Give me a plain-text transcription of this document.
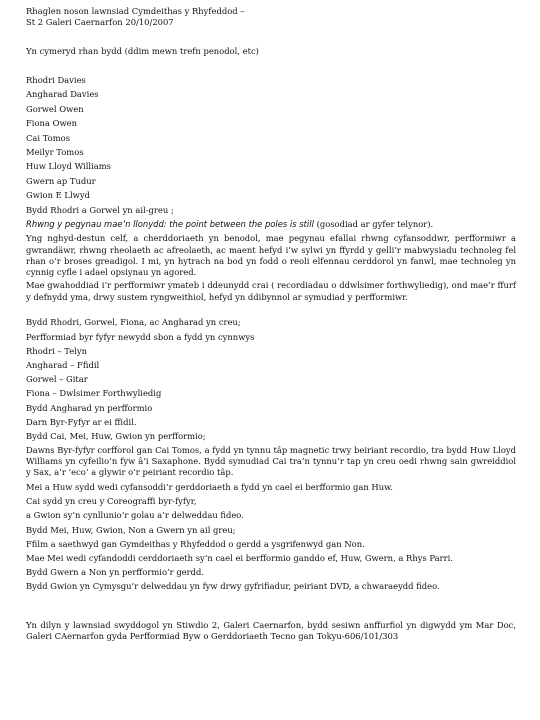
Rhaglen noson lawnsiad Cymdeithas y Rhyfeddod –
St 2 Galeri Caernarfon 20/10/2007
Yn cymeryd rhan bydd (ddim mewn trefn penodol, etc)
Rhodri Davies
Angharad Davies
Gorwel Owen
Fiona Owen
Cai Tomos
Meilyr Tomos
Huw Lloyd Williams
Gwern ap Tudur
Gwion E Llwyd
Bydd Rhodri a Gorwel yn ail-greu ;
Rhwng y pegynau mae’n llonydd: the point between the poles is still (gosodiad ar gyfer telynor).
Yng nghyd-destun celf, a cherddoriaeth yn benodol, mae pegynau efallai rhwng cyfansoddwr, perfformiwr a gwrandäwr, rhwng rheolaeth ac afreolaeth, ac maent hefyd i’w sylwi yn ffyrdd y gelli’r mabwysiadu technoleg fel rhan o’r broses greadigol. I mi, yn hytrach na bod yn fodd o reoli elfennau cerddorol yn fanwl, mae technoleg yn cynnig cyfle i adael opsiynau yn agored.
Mae gwahoddiad i’r perfformiwr ymateb i ddeunydd crai ( recordiadau o ddwlsimer forthwyliedig), ond mae’r ffurf y defnydd yma, drwy sustem ryngweithiol, hefyd yn ddibynnol ar symudiad y perfformiwr.
Bydd Rhodri, Gorwel, Fiona, ac Angharad yn creu;
Perfformiad byr fyfyr newydd sbon a fydd yn cynnwys
Rhodri – Telyn
Angharad – Ffidil
Gorwel – Gitar
Fiona – Dwlsimer Forthwyliedig
Bydd Angharad yn perfformio
Darn Byr-Fyfyr ar ei ffidil.
Bydd Cai, Mei, Huw, Gwion yn perfformio;
Dawns Byr-fyfyr corfforol gan Cai Tomos, a fydd yn tynnu tâp magnetic trwy beiriant recordio, tra bydd Huw Lloyd Williams yn cyfeilio’n fyw â’i Saxaphone. Bydd symudiad Cai tra’n tynnu’r tap yn creu oedi rhwng sain gwreiddiol y Sax, a’r ‘eco’ a glywir o’r peiriant recordio tâp.
Mei a Huw sydd wedi cyfansoddi’r gerddoriaeth a fydd yn cael ei berfformio gan Huw.
Cai sydd yn creu y Coreograffi byr-fyfyr,
a Gwion sy’n cynllunio’r golau a’r delweddau fideo.
Bydd Mei, Huw, Gwion, Non a Gwern yn ail greu;
Ffilm a saethwyd gan Gymdeithas y Rhyfeddod o gerdd a ysgrifenwyd gan Non.
Mae Mei wedi cyfandoddi cerddoriaeth sy’n cael ei berfformio ganddo ef, Huw, Gwern, a Rhys Parri.
Bydd Gwern a Non yn perfformio’r gerdd.
Bydd Gwion yn Cymysgu’r delweddau yn fyw drwy gyfrifiadur, peiriant DVD, a chwaraeydd fideo.
Yn dilyn y lawnsiad swyddogol yn Stiwdio 2, Galeri Caernarfon, bydd sesiwn anffurfiol yn digwydd ym Mar Doc, Galeri CAernarfon gyda Perfformiad Byw o Gerddoriaeth Tecno gan Tokyu-606/101/303
